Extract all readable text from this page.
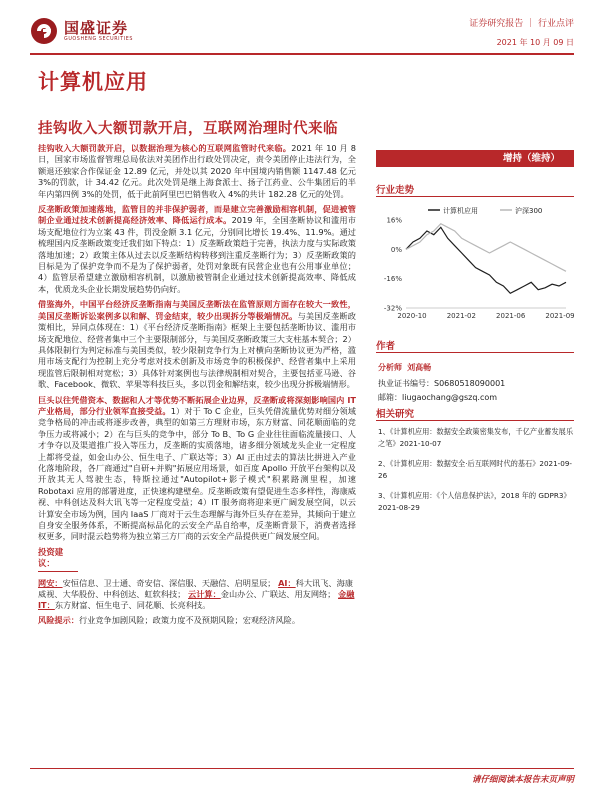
国盛证券
GUOSHENG SECURITIES
证券研究报告 ｜ 行业点评
2021 年 10 月 09 日
计算机应用
挂钩收入大额罚款开启，互联网治理时代来临

挂钩收入大额罚款开启，以数据治理为核心的互联网监管时代来临。2021 年 10 月 8 日，国家市场监督管理总局依法对美团作出行政处罚决定，责令美团停止违法行为，全额退还独家合作保证金 12.89 亿元，并处以其 2020 年中国境内销售额 1147.48 亿元 3%的罚款，计 34.42 亿元。此次处罚是继上海食派士、扬子江药业、公牛集团后的半年内第四例 3%的处罚，低于此前阿里巴巴销售收入 4%的共计 182.28 亿元的处罚。

反垄断政策加速落地，监管目的并非保护弱者，而是建立完善激励相容机制，促进被管制企业通过技术创新提高经济效率、降低运行成本。2019 年，全国垄断协议和滥用市场支配地位行为立案 43 件，罚没金额 3.1 亿元，分别同比增长 19.4%、11.9%。通过梳理国内反垄断政策变迁我们如下特点：1）反垄断政策趋于完善，执法力度与实际政策落地加速；2）政策主体从过去以反垄断结构转移到注重反垄断行为；3）反垄断政策的目标是为了保护竞争而不是为了保护弱者，处罚对象既有民营企业也有公用事业单位；4）监管层希望建立激励相容机制，以激励被管制企业通过技术创新提高效率、降低成本，优质龙头企业长期发展趋势仍向好。

借鉴海外，中国平台经济反垄断指南与美国反垄断法在监管原则方面存在较大一致性，美国反垄断诉讼案例多以和解、罚金结束，较少出现拆分等极端情况。与美国反垄断政策相比，异同点体现在：1）《平台经济反垄断指南》框架上主要包括垄断协议、滥用市场支配地位、经营者集中三个主要限制部分，与美国反垄断政策三大支柱基本契合；2）具体限制行为判定标准与美国类似，较少限制竞争行为上对横向垄断协议更为严格，滥用市场支配行为控制上充分考虑对技术创新及市场竞争的积极保护、经营者集中上采用现监管后限制相对宽松；3）具体针对案例也与法律规制相对契合，主要包括亚马逊、谷歌、Facebook、微软、苹果等科技巨头，多以罚金和解结束，较少出现分拆极端情形。

巨头以往凭借资本、数据和人才等优势不断拓展企业边界，反垄断或将深刻影响国内 IT 产业格局，部分行业领军直接受益。1）对于 To C 企业，巨头凭借流量优势对细分领域竞争格局的冲击或将逐步改善，典型的如第三方理财市场，东方财富、同花顺面临的竞争压力或将减小；2）在与巨头的竞争中，部分 To B、To G 企业往往面临流量接口、人才争夺以及渠道推广投入等压力，反垄断的实质落地，诸多细分领域龙头企业一定程度上都将受益，如金山办公、恒生电子、广联达等；3）AI 正由过去的算法比拼进入产业化落地阶段，各厂商通过"自研+并购"拓展应用场景，如百度 Apollo 开放平台架构以及开放其无人驾驶生态，特斯拉通过"Autopilot+影子模式"积累路测里程，加速 Robotaxi 应用的部署进度，正快速构建壁垒。反垄断政策有望促进生态多样性，海康威视、中科创达及科大讯飞等一定程度受益；4）IT 服务商将迎来更广阔发展空间，以云计算安全市场为例，国内 IaaS 厂商对于云生态理解与海外巨头存在差异，其倾向于建立自身安全服务体系，不断提高标品化的云安全产品自给率，反垄断背景下，消费者选择权更多，同时混云趋势将为独立第三方厂商的云安全产品提供更广阔发展空间。

投资建议：

网安：安恒信息、卫士通、奇安信、深信服、天融信、启明星辰； AI：科大讯飞、海康威视、大华股份、中科创达、虹软科技； 云计算：金山办公、广联达、用友网络； 金融 IT：东方财富、恒生电子、同花顺、长亮科技。

风险提示：行业竞争加剧风险；政策力度不及预期风险；宏观经济风险。

增持（维持）
行业走势
计算机应用	沪深300
16%
0%
-16%
-32%
2020-10	2021-02	2021-06	2021-09
作者
分析师 刘高畅
执业证书编号：S0680518090001
邮箱：liugaochang@gszq.com
相关研究

1、《计算机应用：数据安全政策密集发布，千亿产业蓄发展乐之笔》2021-10-07

2、《计算机应用：数据安全·后互联网时代的基石》2021-09-26

3、《计算机应用：《个人信息保护法》，2018 年的 GDPR3》2021-08-29

请仔细阅读本报告末页声明
